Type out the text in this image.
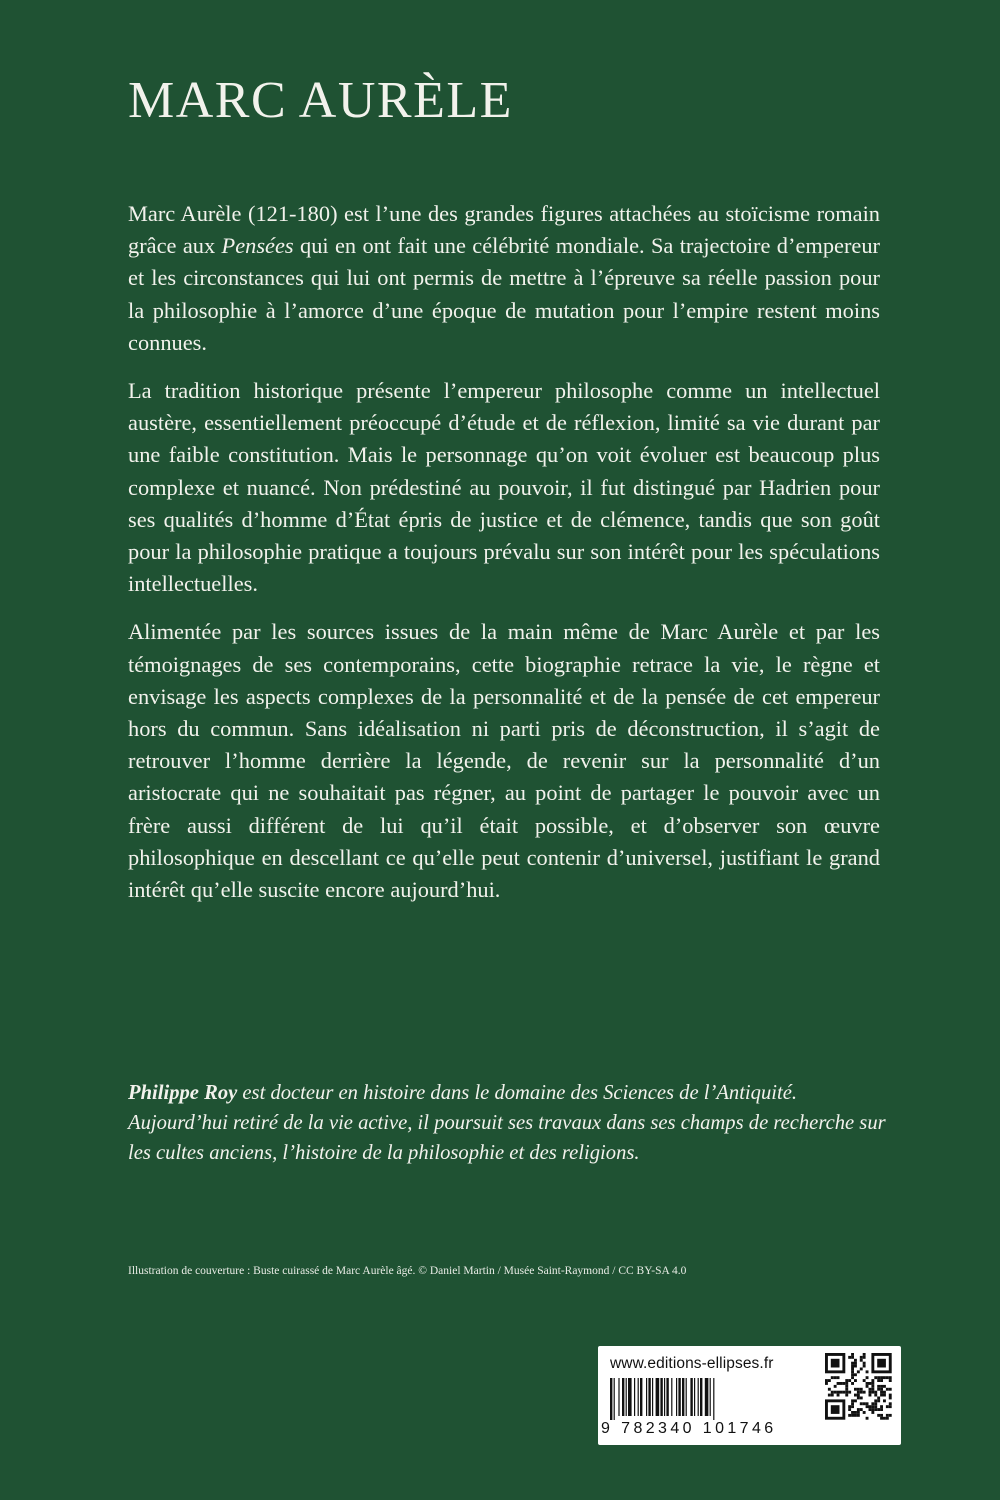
MARC AURÈLE

Marc Aurèle (121-180) est l’une des grandes figures attachées au stoïcisme romain grâce aux Pensées qui en ont fait une célébrité mondiale. Sa trajectoire d’empereur et les circonstances qui lui ont permis de mettre à l’épreuve sa réelle passion pour la philosophie à l’amorce d’une époque de mutation pour l’empire restent moins connues.

La tradition historique présente l’empereur philosophe comme un intellectuel austère, essentiellement préoccupé d’étude et de réflexion, limité sa vie durant par une faible constitution. Mais le personnage qu’on voit évoluer est beaucoup plus complexe et nuancé. Non prédestiné au pouvoir, il fut distingué par Hadrien pour ses qualités d’homme d’État épris de justice et de clémence, tandis que son goût pour la philosophie pratique a toujours prévalu sur son intérêt pour les spéculations intellectuelles.

Alimentée par les sources issues de la main même de Marc Aurèle et par les témoignages de ses contemporains, cette biographie retrace la vie, le règne et envisage les aspects complexes de la personnalité et de la pensée de cet empereur hors du commun. Sans idéalisation ni parti pris de déconstruction, il s’agit de retrouver l’homme derrière la légende, de revenir sur la personnalité d’un aristocrate qui ne souhaitait pas régner, au point de partager le pouvoir avec un frère aussi différent de lui qu’il était possible, et d’observer son œuvre philosophique en descellant ce qu’elle peut contenir d’universel, justifiant le grand intérêt qu’elle suscite encore aujourd’hui.

Philippe Roy est docteur en histoire dans le domaine des Sciences de l’Antiquité. Aujourd’hui retiré de la vie active, il poursuit ses travaux dans ses champs de recherche sur les cultes anciens, l’histoire de la philosophie et des religions.

Illustration de couverture : Buste cuirassé de Marc Aurèle âgé. © Daniel Martin / Musée Saint-Raymond / CC BY-SA 4.0
www.editions-ellipses.fr
9 782340 101746
